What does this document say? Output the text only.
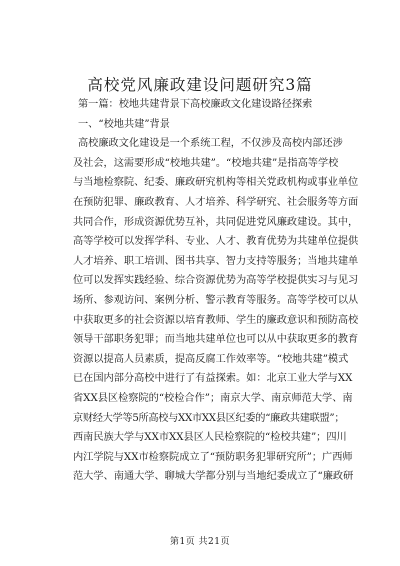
高校党风廉政建设问题研究3篇
第一篇：校地共建背景下高校廉政文化建设路径探索
一、“校地共建”背景
高校廉政文化建设是一个系统工程，不仅涉及高校内部还涉
及社会，这需要形成“校地共建”。“校地共建”是指高等学校
与当地检察院、纪委、廉政研究机构等相关党政机构或事业单位
在预防犯罪、廉政教育、人才培养、科学研究、社会服务等方面
共同合作，形成资源优势互补，共同促进党风廉政建设。其中，
高等学校可以发挥学科、专业、人才、教育优势为共建单位提供
人才培养、职工培训、图书共享、智力支持等服务；当地共建单
位可以发挥实践经验、综合资源优势为高等学校提供实习与见习
场所、参观访问、案例分析、警示教育等服务。高等学校可以从
中获取更多的社会资源以培育教师、学生的廉政意识和预防高校
领导干部职务犯罪；而当地共建单位也可以从中获取更多的教育
资源以提高人员素质，提高反腐工作效率等。“校地共建”模式
已在国内部分高校中进行了有益探索。如：北京工业大学与XX
省XX县区检察院的“校检合作”；南京大学、南京师范大学、南
京财经大学等5所高校与XX市XX县区纪委的“廉政共建联盟”；
西南民族大学与XX市XX县区人民检察院的“检校共建”；四川
内江学院与XX市检察院成立了“预防职务犯罪研究所”；广西师
范大学、南通大学、聊城大学都分别与当地纪委成立了“廉政研
第1页 共21页
